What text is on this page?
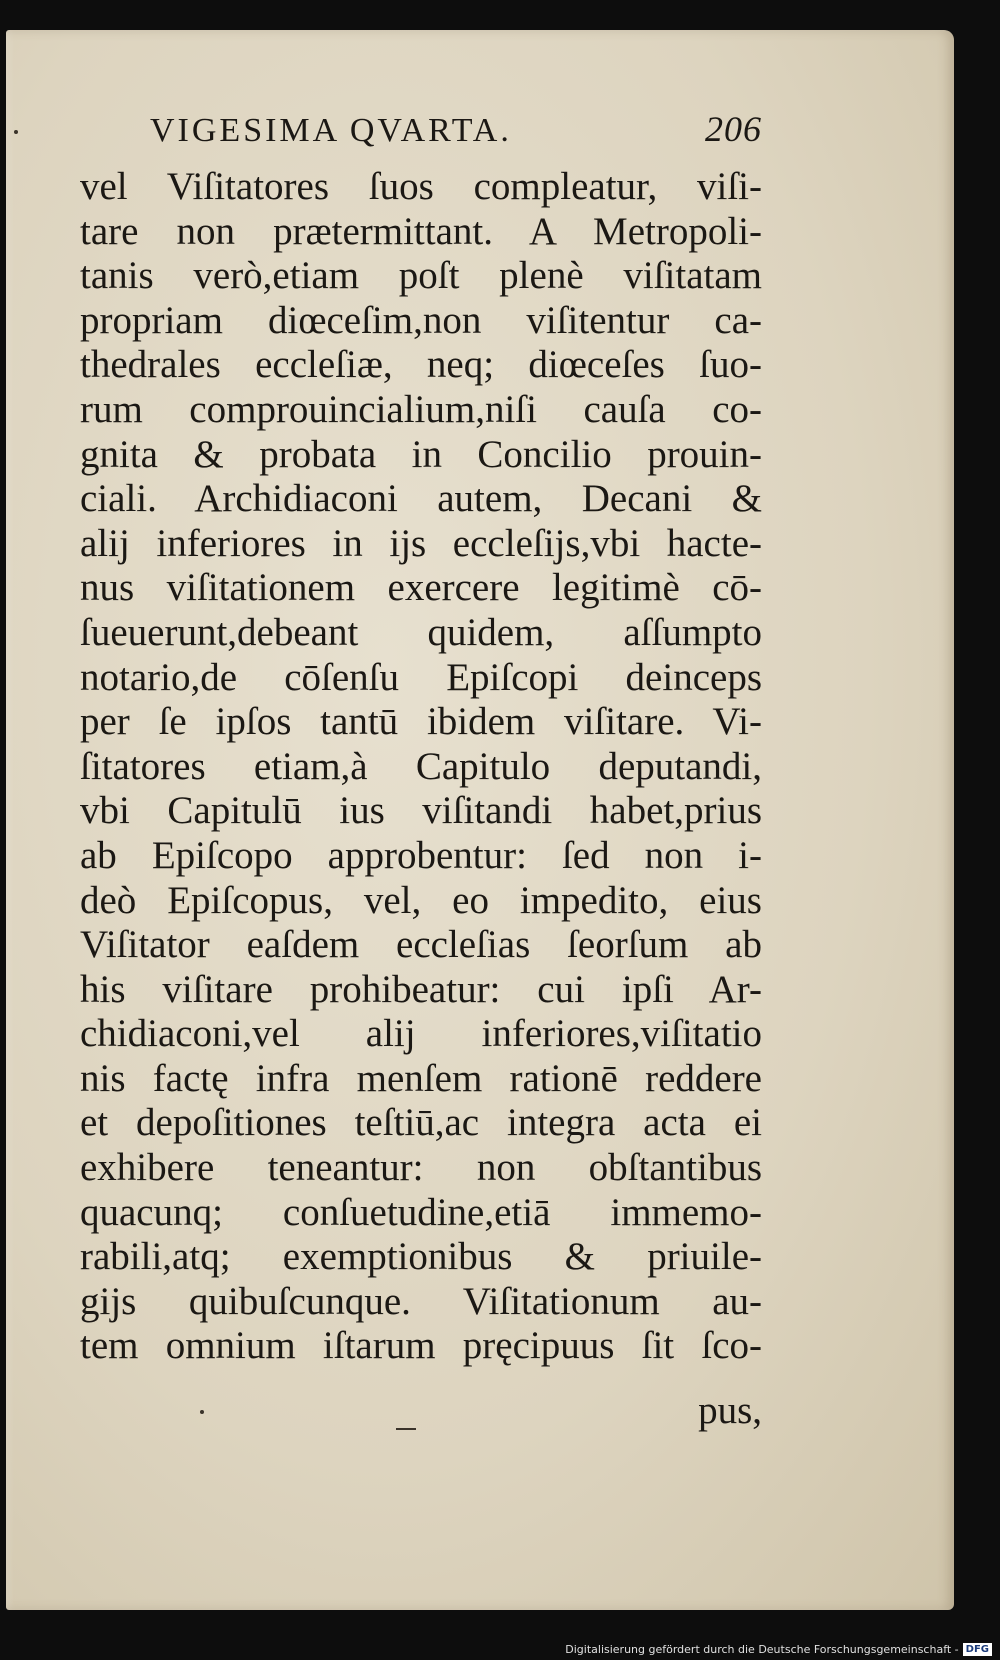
VIGESIMA QVARTA.	206
vel Viſitatores ſuos compleatur, viſi-
tare non prætermittant. A Metropoli-
tanis verò,etiam poſt plenè viſitatam
propriam diœceſim,non viſitentur ca-
thedrales eccleſiæ, neq; diœceſes ſuo-
rum comprouincialium,niſi cauſa co-
gnita & probata in Concilio prouin-
ciali. Archidiaconi autem, Decani &
alij inferiores in ijs eccleſijs,vbi hacte-
nus viſitationem exercere legitimè cō-
ſueuerunt,debeant quidem, aſſumpto
notario,de cōſenſu Epiſcopi deinceps
per ſe ipſos tantū ibidem viſitare. Vi-
ſitatores etiam,à Capitulo deputandi,
vbi Capitulū ius viſitandi habet,prius
ab Epiſcopo approbentur: ſed non i-
deò Epiſcopus, vel, eo impedito, eius
Viſitator eaſdem eccleſias ſeorſum ab
his viſitare prohibeatur: cui ipſi Ar-
chidiaconi,vel alij inferiores,viſitatio
nis factę infra menſem rationē reddere
et depoſitiones teſtiū,ac integra acta ei
exhibere teneantur: non obſtantibus
quacunq; conſuetudine,etiā immemo-
rabili,atq; exemptionibus & priuile-
gijs quibuſcunque. Viſitationum au-
tem omnium iſtarum pręcipuus ſit ſco-
pus,
Digitalisierung gefördert durch die Deutsche Forschungsgemeinschaft - DFG
